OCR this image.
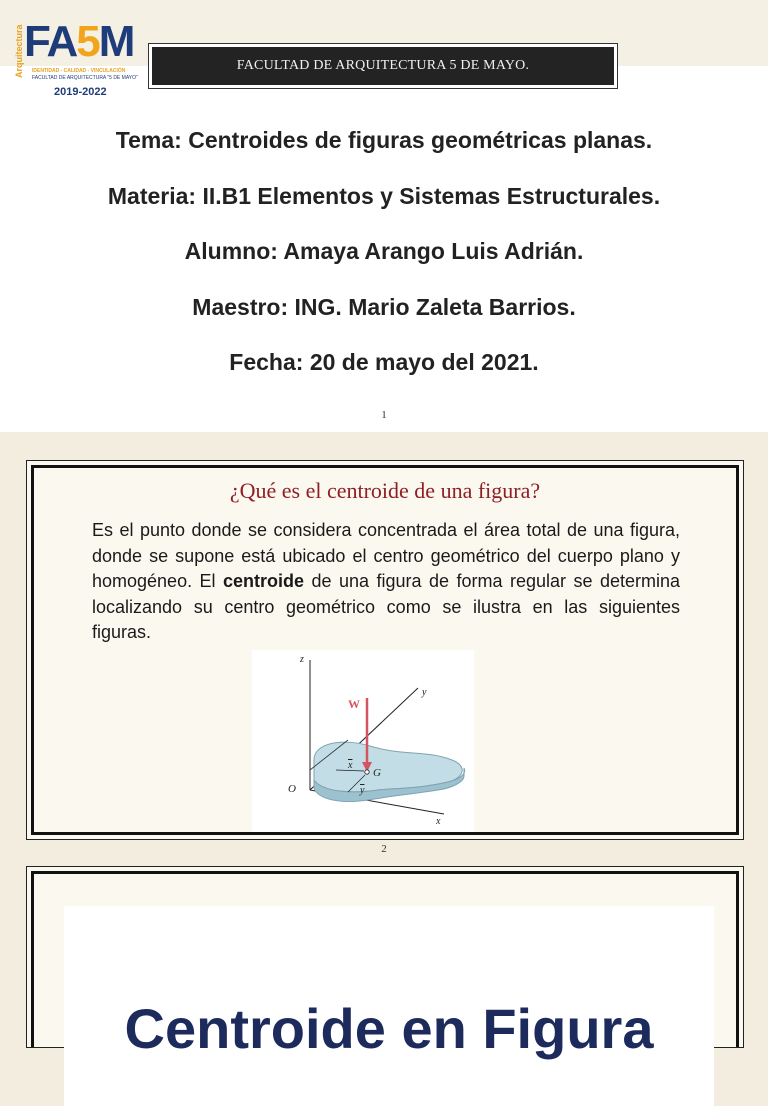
Arquitectura FA5M
IDENTIDAD - CALIDAD - VINCULACIÓN
FACULTAD DE ARQUITECTURA "5 DE MAYO"
2019-2022
FACULTAD DE ARQUITECTURA 5 DE MAYO.
Tema: Centroides de figuras geométricas planas.
Materia: II.B1 Elementos y Sistemas Estructurales.
Alumno: Amaya Arango Luis Adrián.
Maestro: ING. Mario Zaleta Barrios.
Fecha: 20 de mayo del 2021.
1
¿Qué es el centroide de una figura?
Es el punto donde se considera concentrada el área total de una figura, donde se supone está ubicado el centro geométrico del cuerpo plano y homogéneo. El centroide de una figura de forma regular se determina localizando su centro geométrico como se ilustra en las siguientes figuras.
z
y
x
O
W
G
x
y
2
Centroide en Figura
